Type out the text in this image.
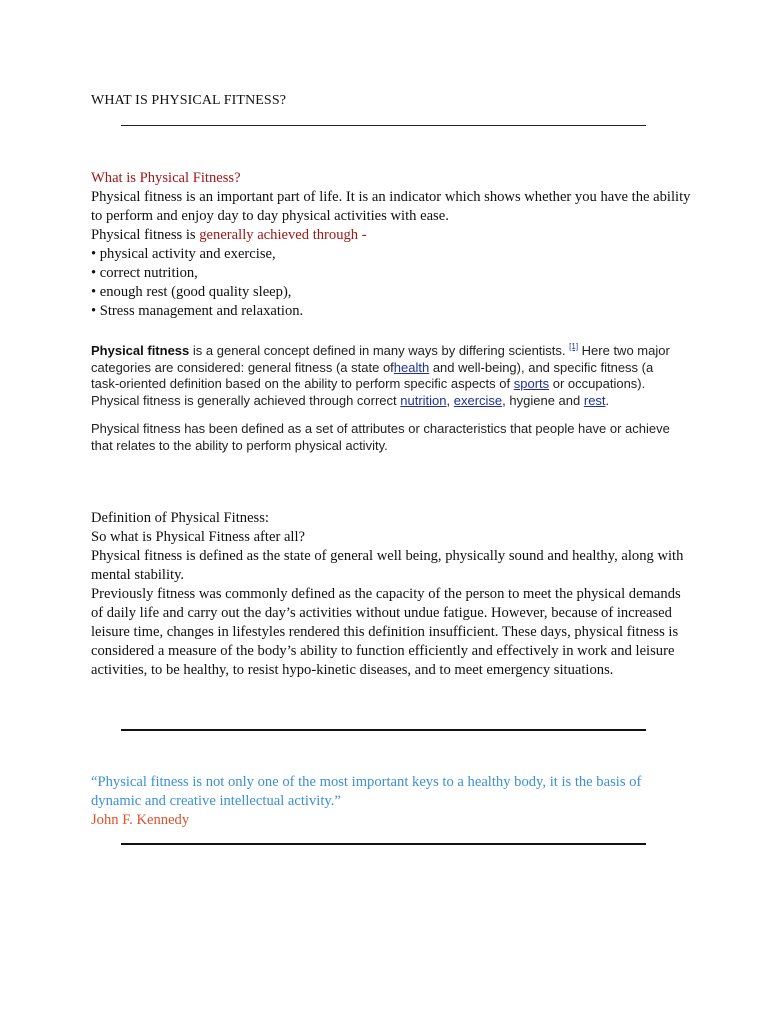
WHAT IS PHYSICAL FITNESS?

What is Physical Fitness?

Physical fitness is an important part of life. It is an indicator which shows whether you have the ability to perform and enjoy day to day physical activities with ease.

Physical fitness is generally achieved through -

• physical activity and exercise,

• correct nutrition,

• enough rest (good quality sleep),

• Stress management and relaxation.

Physical fitness is a general concept defined in many ways by differing scientists. [1] Here two major categories are considered: general fitness (a state ofhealth and well-being), and specific fitness (a task-oriented definition based on the ability to perform specific aspects of sports or occupations). Physical fitness is generally achieved through correct nutrition, exercise, hygiene and rest.

Physical fitness has been defined as a set of attributes or characteristics that people have or achieve that relates to the ability to perform physical activity.

Definition of Physical Fitness:

So what is Physical Fitness after all?

Physical fitness is defined as the state of general well being, physically sound and healthy, along with mental stability.

Previously fitness was commonly defined as the capacity of the person to meet the physical demands of daily life and carry out the day’s activities without undue fatigue. However, because of increased leisure time, changes in lifestyles rendered this definition insufficient. These days, physical fitness is considered a measure of the body’s ability to function efficiently and effectively in work and leisure activities, to be healthy, to resist hypo-kinetic diseases, and to meet emergency situations.

“Physical fitness is not only one of the most important keys to a healthy body, it is the basis of dynamic and creative intellectual activity.”

John F. Kennedy
